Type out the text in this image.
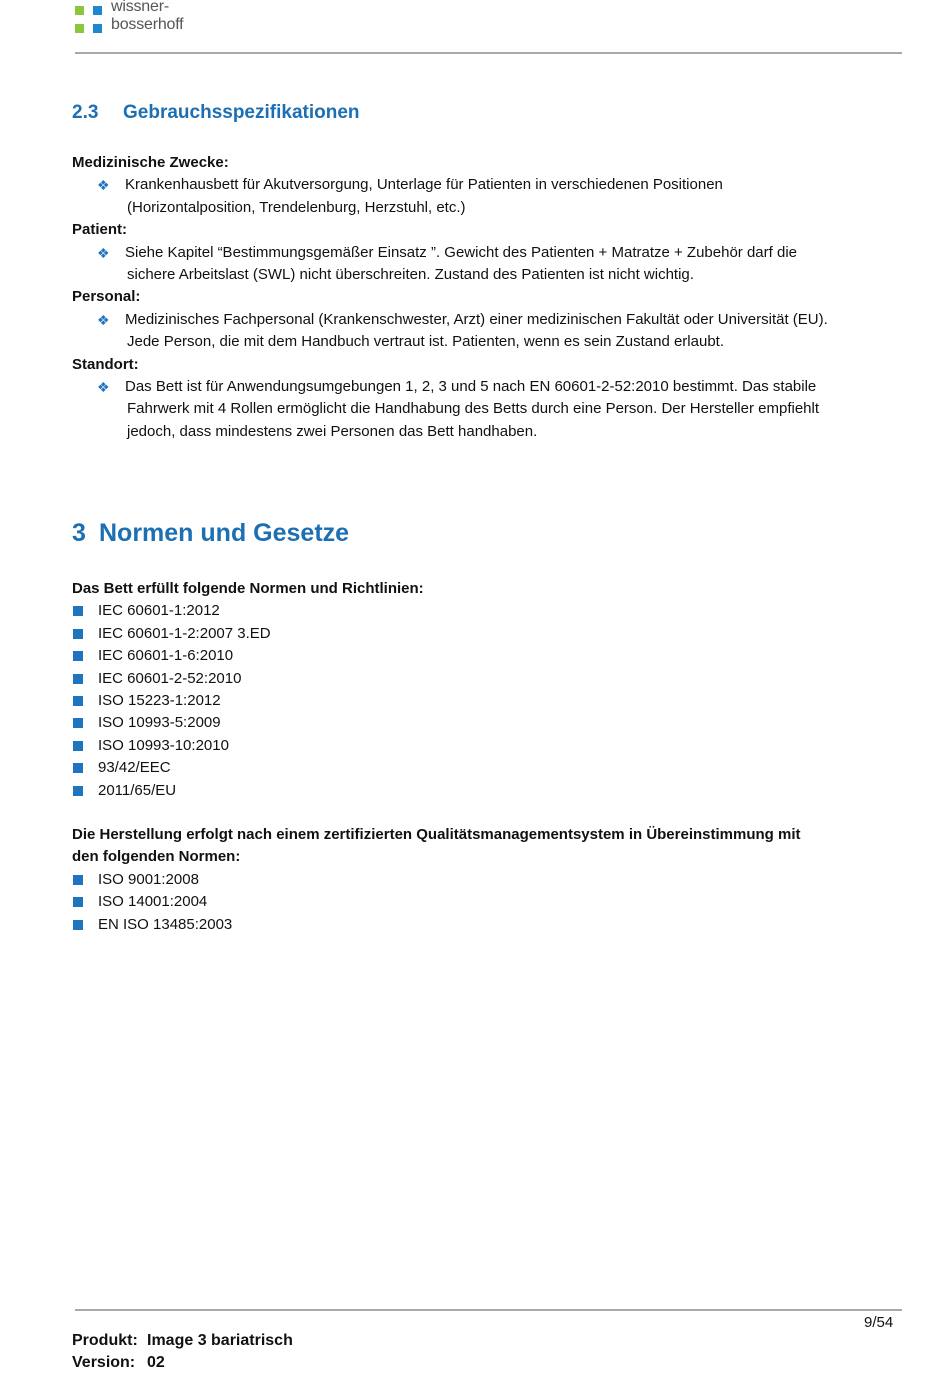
wissner-
bosserhoff
2.3 Gebrauchsspezifikationen
Medizinische Zwecke:
❖ Krankenhausbett für Akutversorgung, Unterlage für Patienten in verschiedenen Positionen
(Horizontalposition, Trendelenburg, Herzstuhl, etc.)
Patient:
❖ Siehe Kapitel “Bestimmungsgemäßer Einsatz ”. Gewicht des Patienten + Matratze + Zubehör darf die
sichere Arbeitslast (SWL) nicht überschreiten. Zustand des Patienten ist nicht wichtig.
Personal:
❖ Medizinisches Fachpersonal (Krankenschwester, Arzt) einer medizinischen Fakultät oder Universität (EU).
Jede Person, die mit dem Handbuch vertraut ist. Patienten, wenn es sein Zustand erlaubt.
Standort:
❖ Das Bett ist für Anwendungsumgebungen 1, 2, 3 und 5 nach EN 60601-2-52:2010 bestimmt. Das stabile
Fahrwerk mit 4 Rollen ermöglicht die Handhabung des Betts durch eine Person. Der Hersteller empfiehlt
jedoch, dass mindestens zwei Personen das Bett handhaben.
3 Normen und Gesetze
Das Bett erfüllt folgende Normen und Richtlinien:
IEC 60601-1:2012
IEC 60601-1-2:2007 3.ED
IEC 60601-1-6:2010
IEC 60601-2-52:2010
ISO 15223-1:2012
ISO 10993-5:2009
ISO 10993-10:2010
93/42/EEC
2011/65/EU
Die Herstellung erfolgt nach einem zertifizierten Qualitätsmanagementsystem in Übereinstimmung mit
den folgenden Normen:
ISO 9001:2008
ISO 14001:2004
EN ISO 13485:2003
9/54
Produkt: Image 3 bariatrisch
Version: 02
